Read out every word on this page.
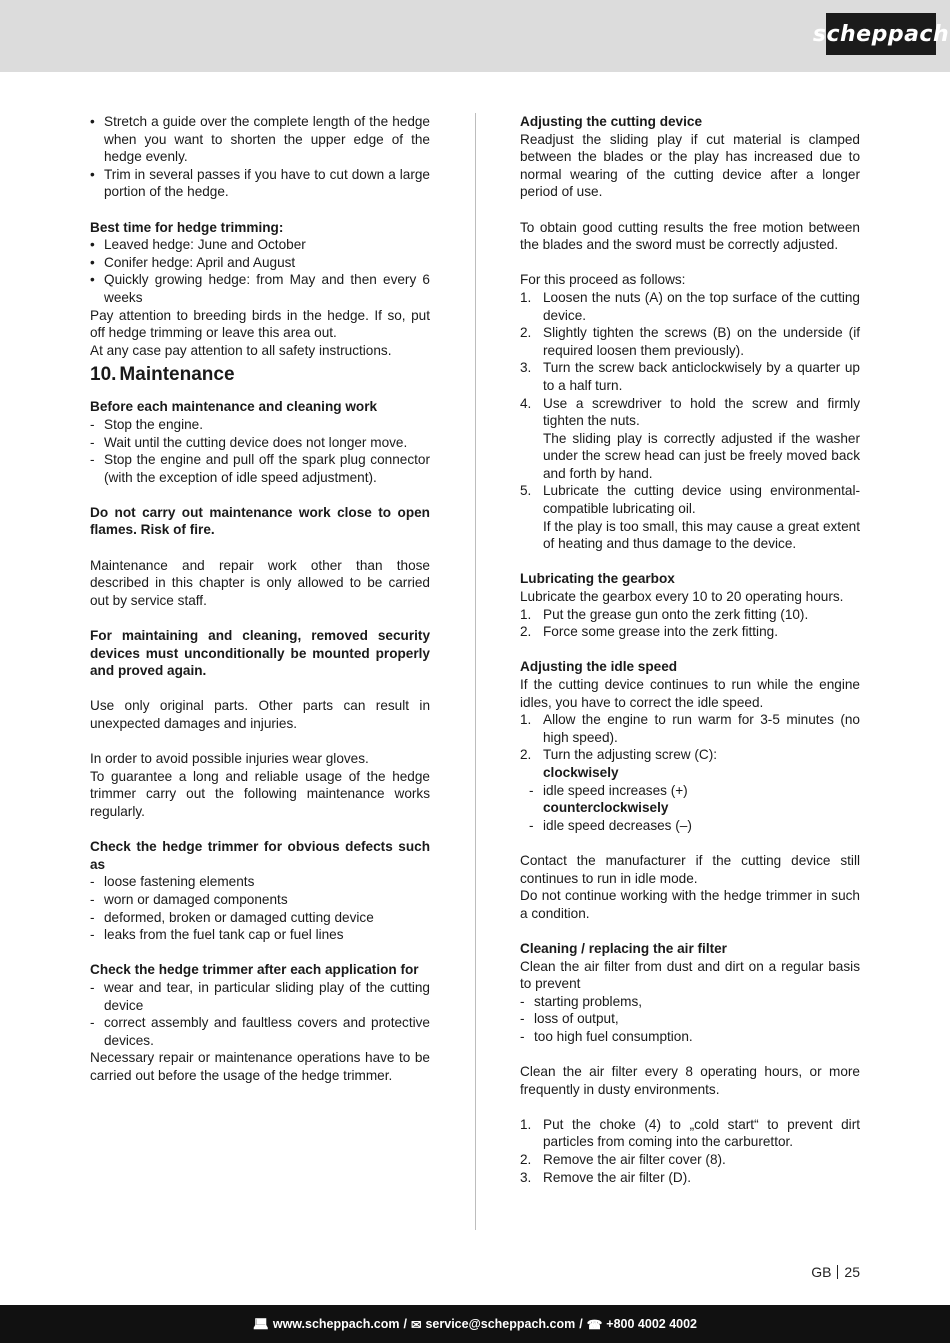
scheppach
• Stretch a guide over the complete length of the hedge when you want to shorten the upper edge of the hedge evenly.
• Trim in several passes if you have to cut down a large portion of the hedge.

Best time for hedge trimming:

• Leaved hedge: June and October
• Conifer hedge: April and August
• Quickly growing hedge: from May and then every 6 weeks

Pay attention to breeding birds in the hedge. If so, put off hedge trimming or leave this area out.

At any case pay attention to all safety instructions.

10. Maintenance

Before each maintenance and cleaning work

- Stop the engine.
- Wait until the cutting device does not longer move.
- Stop the engine and pull off the spark plug connector (with the exception of idle speed adjustment).

Do not carry out maintenance work close to open flames. Risk of fire.

Maintenance and repair work other than those described in this chapter is only allowed to be carried out by service staff.

For maintaining and cleaning, removed security devices must unconditionally be mounted properly and proved again.

Use only original parts. Other parts can result in unexpected damages and injuries.

In order to avoid possible injuries wear gloves.

To guarantee a long and reliable usage of the hedge trimmer carry out the following maintenance works regularly.

Check the hedge trimmer for obvious defects such as

- loose fastening elements
- worn or damaged components
- deformed, broken or damaged cutting device
- leaks from the fuel tank cap or fuel lines

Check the hedge trimmer after each application for

- wear and tear, in particular sliding play of the cutting device
- correct assembly and faultless covers and protective devices.

Necessary repair or maintenance operations have to be carried out before the usage of the hedge trimmer.

Adjusting the cutting device

Readjust the sliding play if cut material is clamped between the blades or the play has increased due to normal wearing of the cutting device after a longer period of use.

To obtain good cutting results the free motion between the blades and the sword must be correctly adjusted.

For this proceed as follows:

1. Loosen the nuts (A) on the top surface of the cutting device.
2. Slightly tighten the screws (B) on the underside (if required loosen them previously).
3. Turn the screw back anticlockwisely by a quarter up to a half turn.
4. Use a screwdriver to hold the screw and firmly tighten the nuts.

The sliding play is correctly adjusted if the washer under the screw head can just be freely moved back and forth by hand.

5. Lubricate the cutting device using environmental-compatible lubricating oil.

If the play is too small, this may cause a great extent of heating and thus damage to the device.

Lubricating the gearbox

Lubricate the gearbox every 10 to 20 operating hours.

1. Put the grease gun onto the zerk fitting (10).
2. Force some grease into the zerk fitting.

Adjusting the idle speed

If the cutting device continues to run while the engine idles, you have to correct the idle speed.

1. Allow the engine to run warm for 3-5 minutes (no high speed).
2. Turn the adjusting screw (C):

clockwisely

- idle speed increases (+)

counterclockwisely

- idle speed decreases (–)

Contact the manufacturer if the cutting device still continues to run in idle mode.

Do not continue working with the hedge trimmer in such a condition.

Cleaning / replacing the air filter

Clean the air filter from dust and dirt on a regular basis to prevent

- starting problems,
- loss of output,
- too high fuel consumption.

Clean the air filter every 8 operating hours, or more frequently in dusty environments.

1. Put the choke (4) to „cold start“ to prevent dirt particles from coming into the carburettor.
2. Remove the air filter cover (8).
3. Remove the air filter (D).
GB 25
💻︎ www.scheppach.com / ✉︎ service@scheppach.com / ☎︎ +800 4002 4002
